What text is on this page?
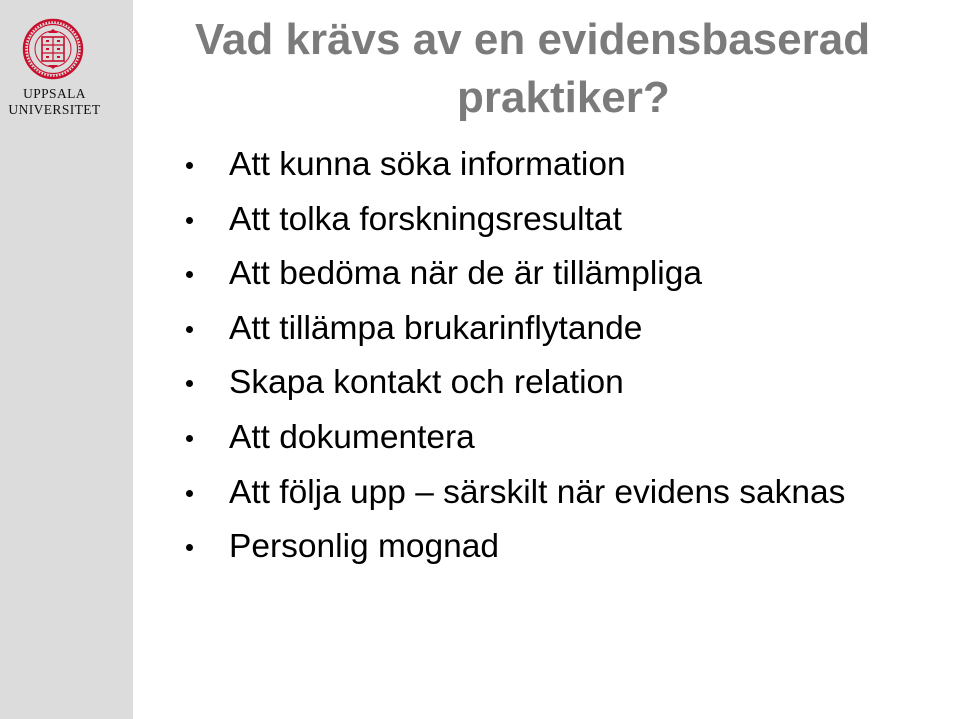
UPPSALA
UNIVERSITET
Vad krävs av en evidensbaserad
praktiker?
Att kunna söka information
Att tolka forskningsresultat
Att bedöma när de är tillämpliga
Att tillämpa brukarinflytande
Skapa kontakt och relation
Att dokumentera
Att följa upp – särskilt när evidens saknas
Personlig mognad
